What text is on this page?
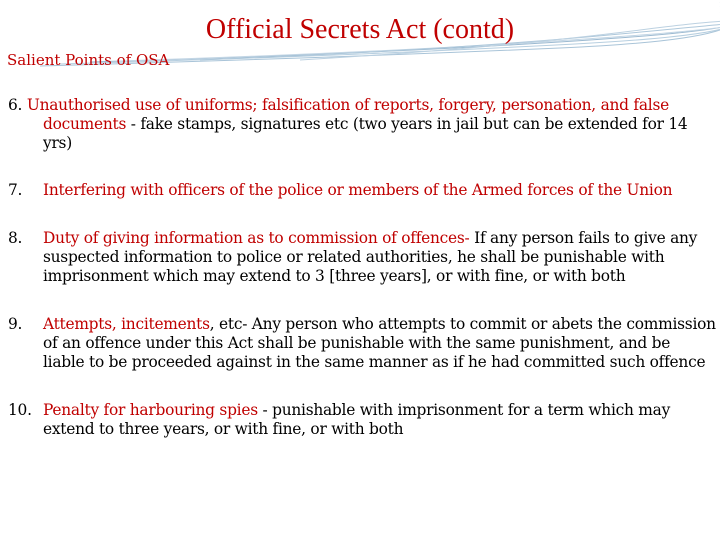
Official Secrets Act (contd)
Salient Points of OSA
6. Unauthorised use of uniforms; falsification of reports, forgery, personation, and false documents - fake stamps, signatures etc (two years in jail but can be extended for 14 yrs)
7. Interfering with officers of the police or members of the Armed forces of the Union
8. Duty of giving information as to commission of offences- If any person fails to give any suspected information to police or related authorities, he shall be punishable with imprisonment which may extend to 3 [three years], or with fine, or with both
9. Attempts, incitements, etc- Any person who attempts to commit or abets the commission of an offence under this Act shall be punishable with the same punishment, and be liable to be proceeded against in the same manner as if he had committed such offence
10. Penalty for harbouring spies - punishable with imprisonment for a term which may extend to three years, or with fine, or with both
